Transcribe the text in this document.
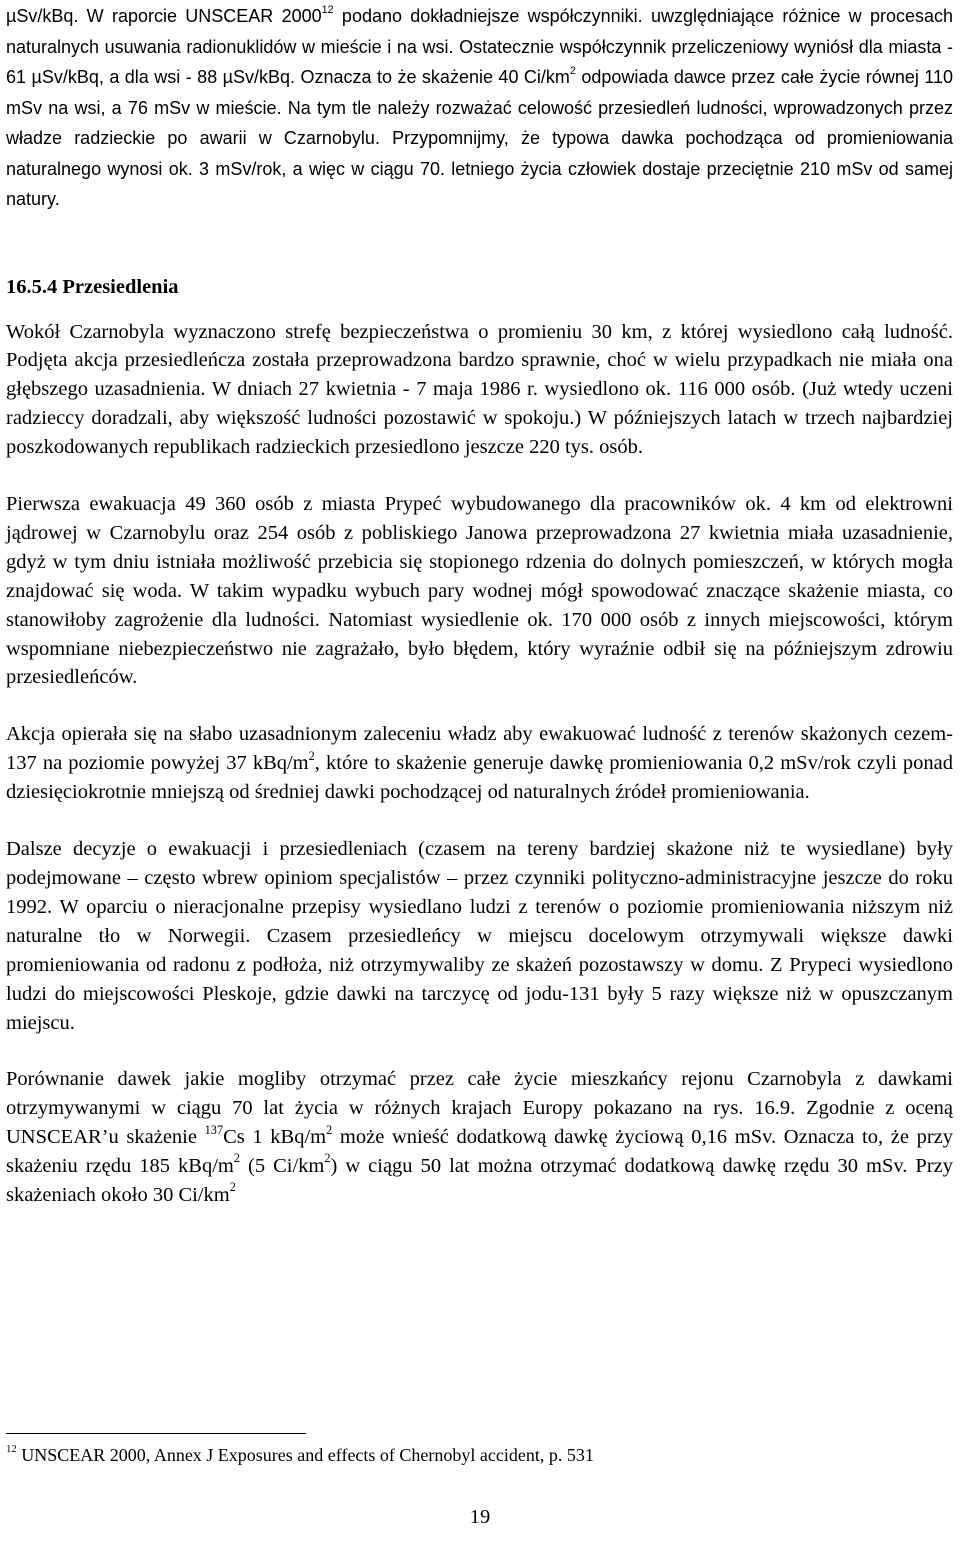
µSv/kBq. W raporcie UNSCEAR 2000$^{12}$ podano dokładniejsze współczynniki. uwzględniające różnice w procesach naturalnych usuwania radionuklidów w mieście i na wsi. Ostatecznie współczynnik przeliczeniowy wyniósł dla miasta - 61 µSv/kBq, a dla wsi - 88 µSv/kBq. Oznacza to że skażenie 40 $Ci/km^2$ odpowiada dawce przez całe życie równej 110 mSv na wsi, a 76 mSv w mieście. Na tym tle należy rozważać celowość przesiedleń ludności, wprowadzonych przez władze radzieckie po awarii w Czarnobylu. Przypomnijmy, że typowa dawka pochodząca od promieniowania naturalnego wynosi ok. 3 mSv/rok, a więc w ciągu 70. letniego życia człowiek dostaje przeciętnie 210 mSv od samej natury.

16.5.4 Przesiedlenia

Wokół Czarnobyla wyznaczono strefę bezpieczeństwa o promieniu 30 km, z której wysiedlono całą ludność. Podjęta akcja przesiedleńcza została przeprowadzona bardzo sprawnie, choć w wielu przypadkach nie miała ona głębszego uzasadnienia. W dniach 27 kwietnia - 7 maja 1986 r. wysiedlono ok. 116 000 osób. (Już wtedy uczeni radzieccy doradzali, aby większość ludności pozostawić w spokoju.) W późniejszych latach w trzech najbardziej poszkodowanych republikach radzieckich przesiedlono jeszcze 220 tys. osób.

Pierwsza ewakuacja 49 360 osób z miasta Prypeć wybudowanego dla pracowników ok. 4 km od elektrowni jądrowej w Czarnobylu oraz 254 osób z pobliskiego Janowa przeprowadzona 27 kwietnia miała uzasadnienie, gdyż w tym dniu istniała możliwość przebicia się stopionego rdzenia do dolnych pomieszczeń, w których mogła znajdować się woda. W takim wypadku wybuch pary wodnej mógł spowodować znaczące skażenie miasta, co stanowiłoby zagrożenie dla ludności. Natomiast wysiedlenie ok. 170 000 osób z innych miejscowości, którym wspomniane niebezpieczeństwo nie zagrażało, było błędem, który wyraźnie odbił się na późniejszym zdrowiu przesiedleńców.

Akcja opierała się na słabo uzasadnionym zaleceniu władz aby ewakuować ludność z terenów skażonych cezem-137 na poziomie powyżej 37 kBq/$m^2$, które to skażenie generuje dawkę promieniowania 0,2 mSv/rok czyli ponad dziesięciokrotnie mniejszą od średniej dawki pochodzącej od naturalnych źródeł promieniowania.

Dalsze decyzje o ewakuacji i przesiedleniach (czasem na tereny bardziej skażone niż te wysiedlane) były podejmowane – często wbrew opiniom specjalistów – przez czynniki polityczno-administracyjne jeszcze do roku 1992. W oparciu o nieracjonalne przepisy wysiedlano ludzi z terenów o poziomie promieniowania niższym niż naturalne tło w Norwegii. Czasem przesiedleńcy w miejscu docelowym otrzymywali większe dawki promieniowania od radonu z podłoża, niż otrzymywaliby ze skażeń pozostawszy w domu. Z Prypeci wysiedlono ludzi do miejscowości Pleskoje, gdzie dawki na tarczycę od jodu-131 były 5 razy większe niż w opuszczanym miejscu.

Porównanie dawek jakie mogliby otrzymać przez całe życie mieszkańcy rejonu Czarnobyla z dawkami otrzymywanymi w ciągu 70 lat życia w różnych krajach Europy pokazano na rys. 16.9. Zgodnie z oceną UNSCEAR’u skażenie $^{137}$Cs 1 kBq/$m^2$ może wnieść dodatkową dawkę życiową 0,16 mSv. Oznacza to, że przy skażeniu rzędu 185 kBq/$m^2$ (5 $Ci/km^2$) w ciągu 50 lat można otrzymać dodatkową dawkę rzędu 30 mSv. Przy skażeniach około 30 $Ci/km^2$

$^{12}$ UNSCEAR 2000, Annex J Exposures and effects of Chernobyl accident, p. 531
19
